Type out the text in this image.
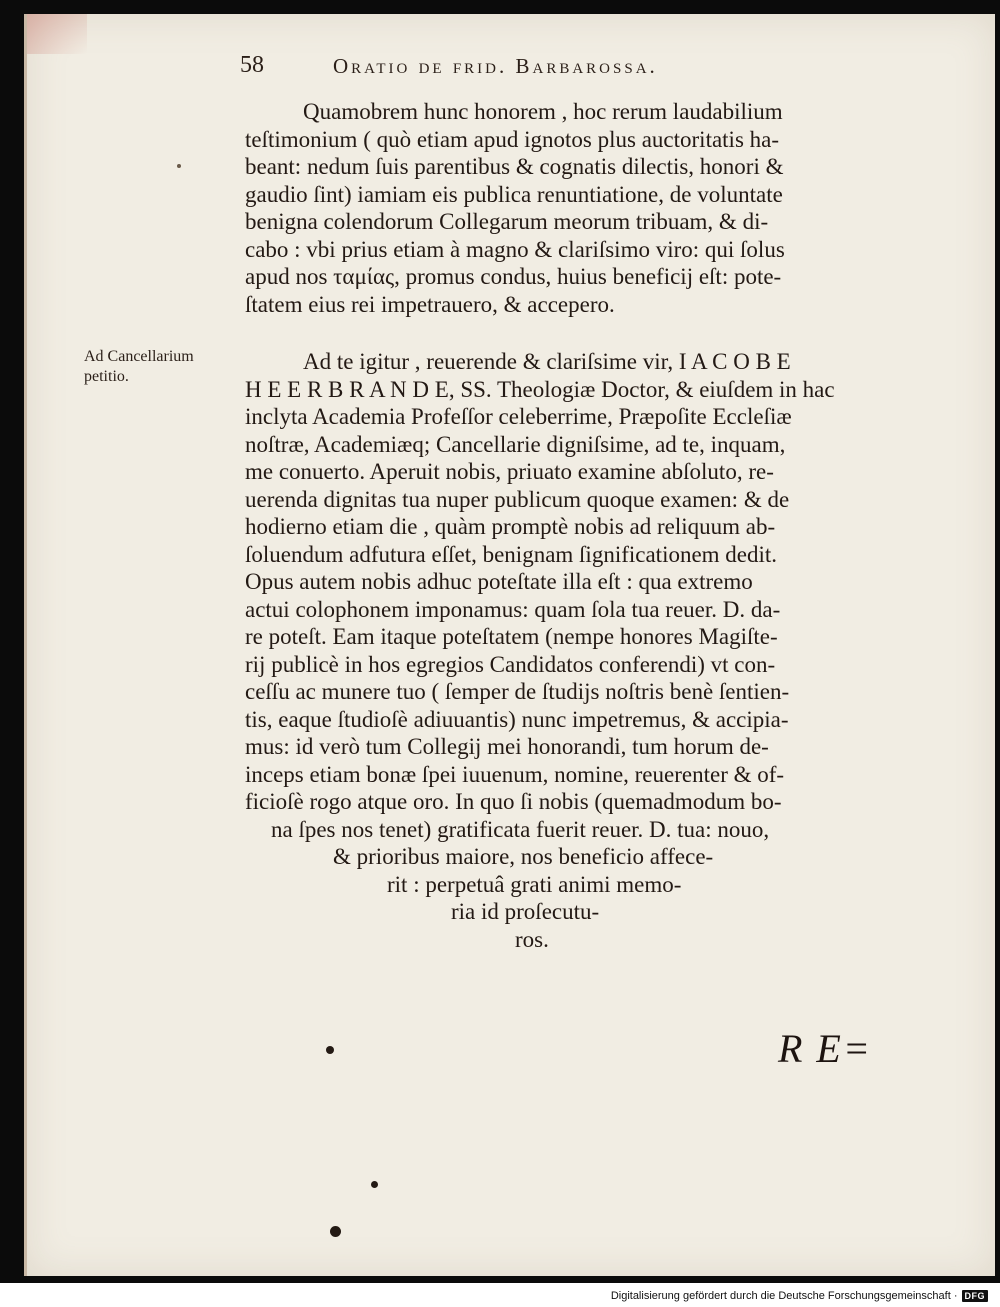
58	Oratio de frid. Barbarossa.
Ad Cancellarium
petitio.
Quamobrem hunc honorem , hoc rerum laudabilium
teſtimonium ( quò etiam apud ignotos plus auctoritatis ha-
beant: nedum ſuis parentibus & cognatis dilectis, honori &
gaudio ſint) iamiam eis publica renuntiatione, de voluntate
benigna colendorum Collegarum meorum tribuam, & di-
cabo : vbi prius etiam à magno & clariſsimo viro: qui ſolus
apud nos ταμίας, promus condus, huius beneficij eſt: pote-
ſtatem eius rei impetrauero, & accepero.
Ad te igitur , reuerende & clariſsime vir, I A C O B E
H E E R B R A N D E, SS. Theologiæ Doctor, & eiuſdem in hac
inclyta Academia Profeſſor celeberrime, Præpoſite Eccleſiæ
noſtræ, Academiæq; Cancellarie digniſsime, ad te, inquam,
me conuerto. Aperuit nobis, priuato examine abſoluto, re-
uerenda dignitas tua nuper publicum quoque examen: & de
hodierno etiam die , quàm promptè nobis ad reliquum ab-
ſoluendum adfutura eſſet, benignam ſignificationem dedit.
Opus autem nobis adhuc poteſtate illa eſt : qua extremo
actui colophonem imponamus: quam ſola tua reuer. D. da-
re poteſt. Eam itaque poteſtatem (nempe honores Magiſte-
rij publicè in hos egregios Candidatos conferendi) vt con-
ceſſu ac munere tuo ( ſemper de ſtudijs noſtris benè ſentien-
tis, eaque ſtudioſè adiuuantis) nunc impetremus, & accipia-
mus: id verò tum Collegij mei honorandi, tum horum de-
inceps etiam bonæ ſpei iuuenum, nomine, reuerenter & of-
ficioſè rogo atque oro. In quo ſi nobis (quemadmodum bo-
na ſpes nos tenet) gratificata fuerit reuer. D. tua: nouo,
& prioribus maiore, nos beneficio affece-
rit : perpetuâ grati animi memo-
ria id proſecutu-
ros.
R E=
Digitalisierung gefördert durch die Deutsche Forschungsgemeinschaft · DFG
